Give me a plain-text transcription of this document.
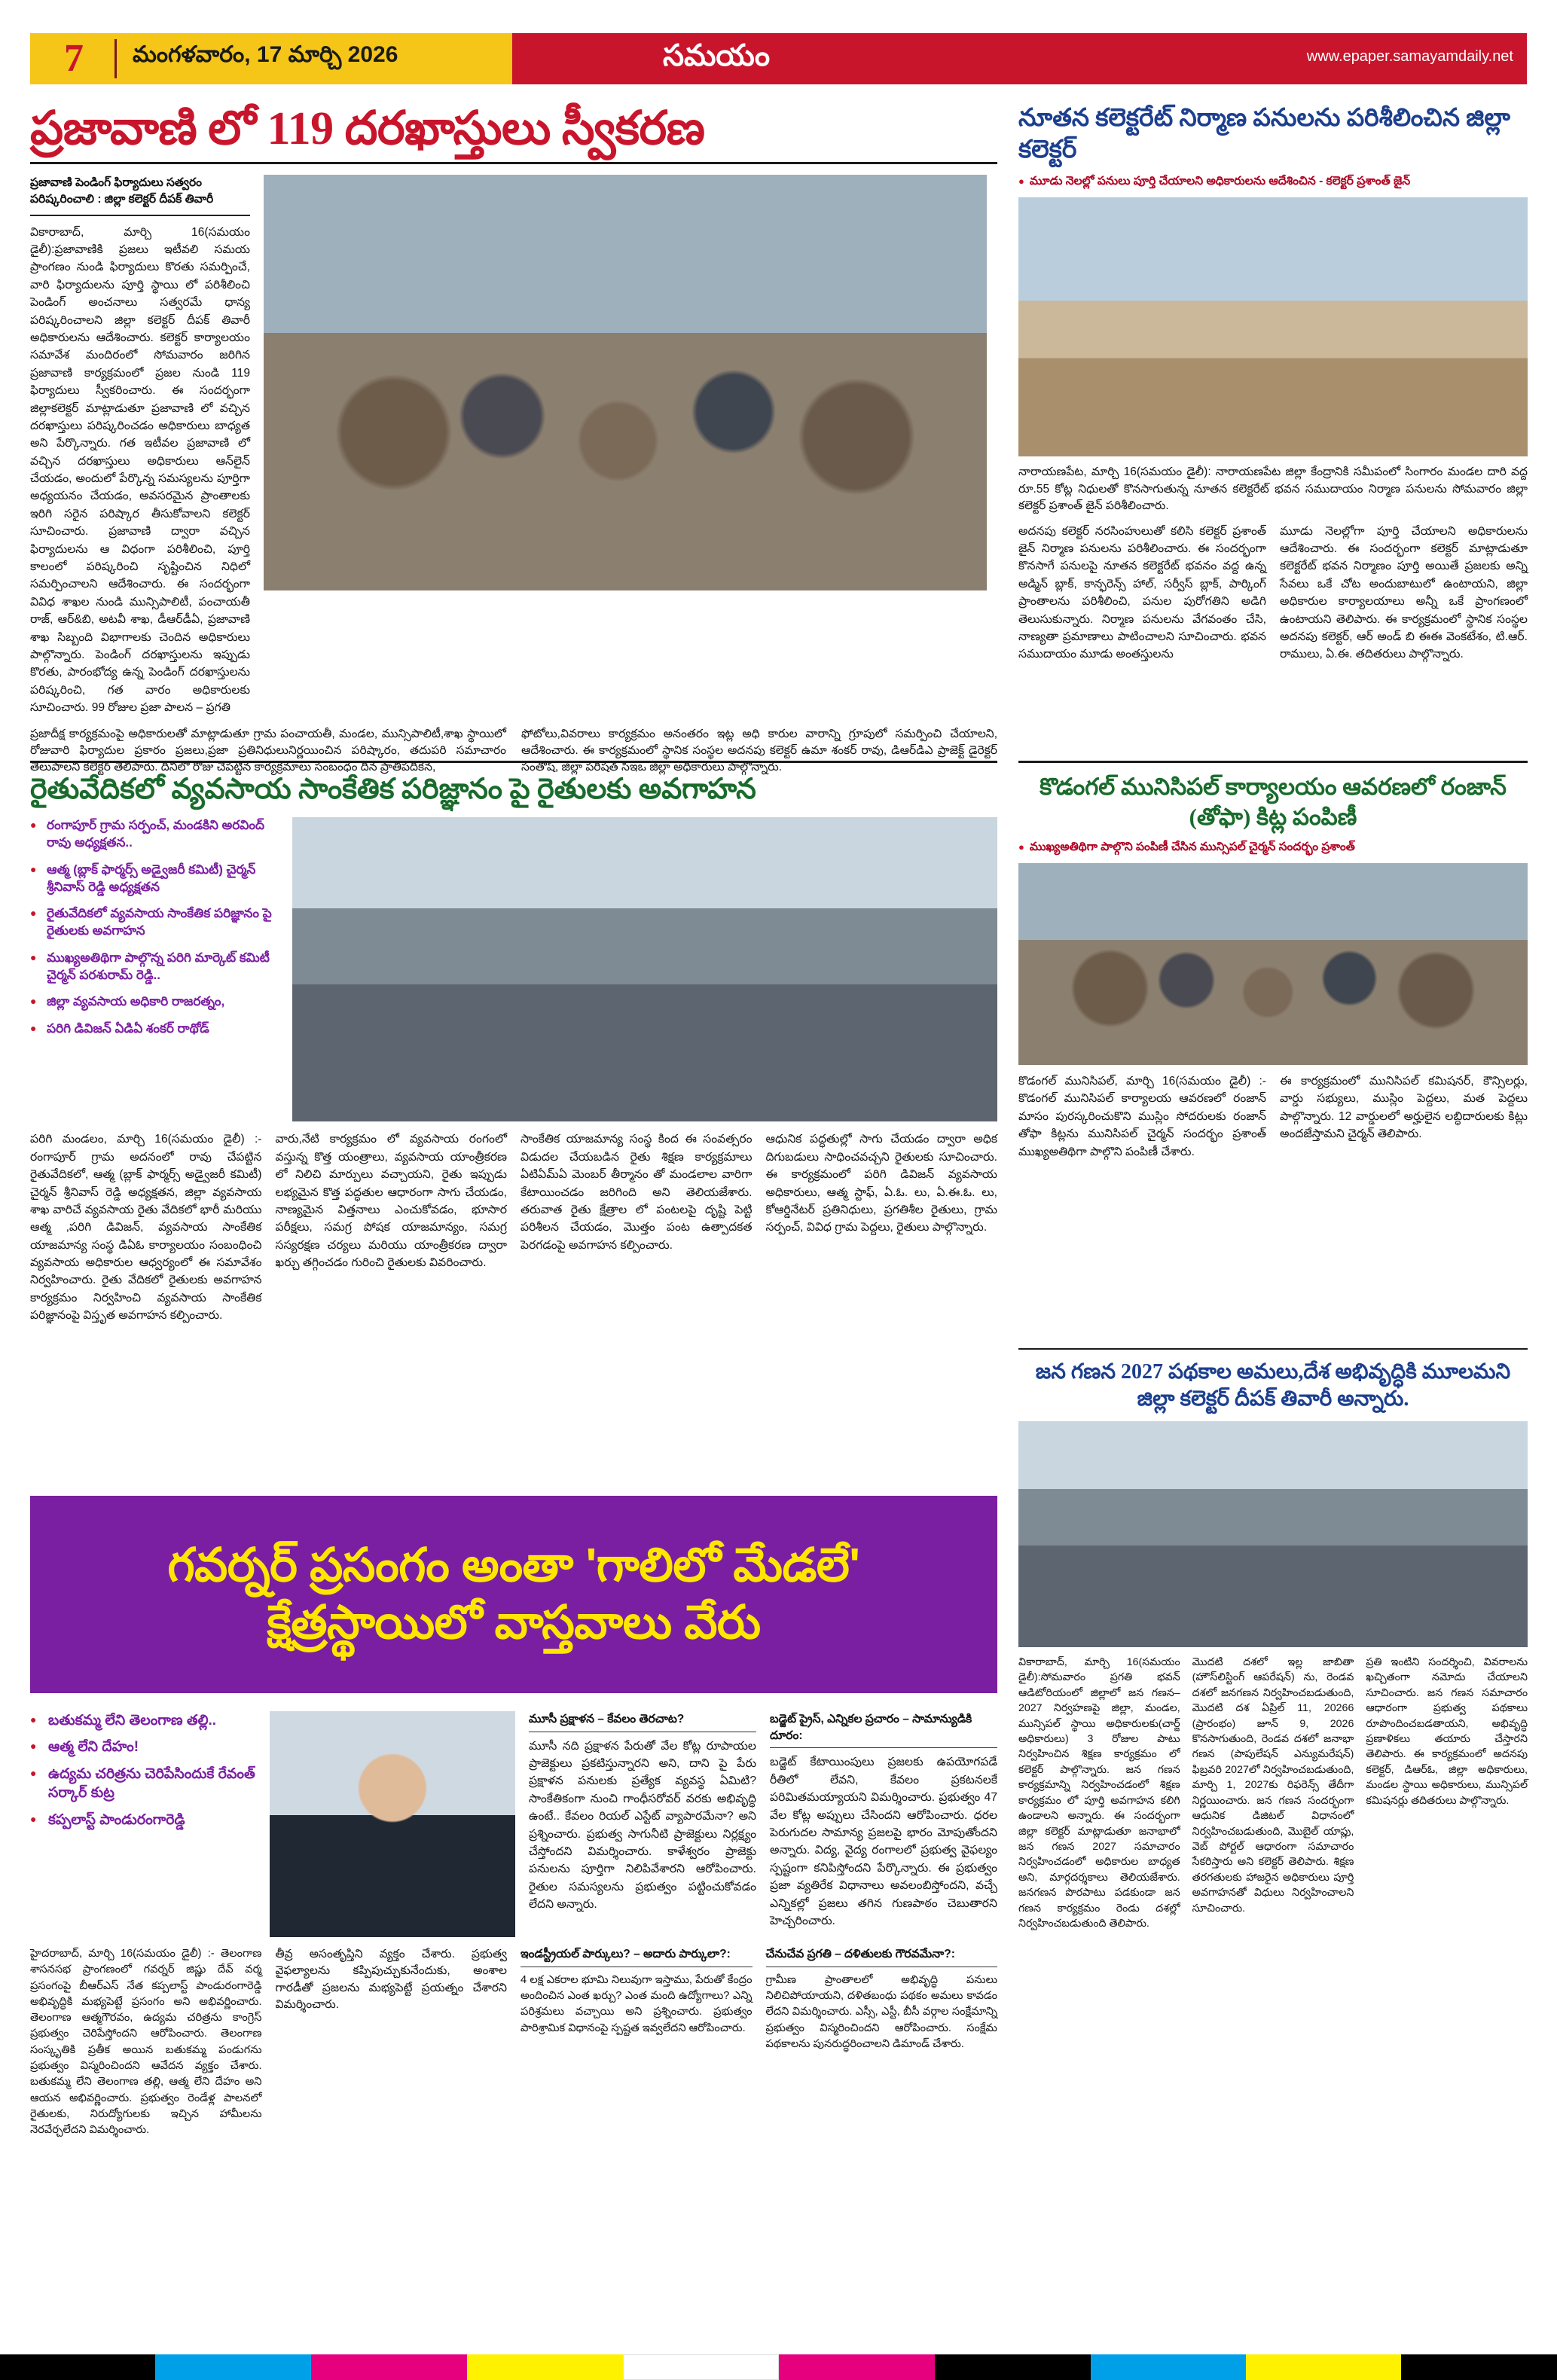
7	మంగళవారం, 17 మార్చి 2026	సమయం	www.epaper.samayamdaily.net
ప్రజావాణి లో 119 దరఖాస్తులు స్వీకరణ
ప్రజావాణి పెండింగ్ ఫిర్యాదులు సత్వరం పరిష్కరించాలి : జిల్లా కలెక్టర్ దీపక్ తివారీ
వికారాబాద్, మార్చి 16(సమయం డైలీ):ప్రజావాణికి ప్రజలు ఇటీవలి సమయ ప్రాంగణం నుండి ఫిర్యాదులు కొరతు సమర్పించే, వారి ఫిర్యాదులను పూర్తి స్థాయి లో పరిశీలించి పెండింగ్ అంచనాలు సత్వరమే ధాన్య పరిష్కరించాలని జిల్లా కలెక్టర్ దీపక్ తివారీ అధికారులను ఆదేశించారు. కలెక్టర్ కార్యాలయం సమావేశ మందిరంలో సోమవారం జరిగిన ప్రజావాణి కార్యక్రమంలో ప్రజల నుండి 119 ఫిర్యాదులు స్వీకరించారు. ఈ సందర్భంగా జిల్లాకలెక్టర్ మాట్లాడుతూ ప్రజావాణి లో వచ్చిన దరఖాస్తులు పరిష్కరించడం అధికారులు బాధ్యత అని పేర్కొన్నారు. గత ఇటీవల ప్రజావాణి లో వచ్చిన దరఖాస్తులు అధికారులు ఆన్‌లైన్ చేయడం, అందులో పేర్కొన్న సమస్యలను పూర్తిగా అధ్యయనం చేయడం, అవసరమైన ప్రాంతాలకు ఇరిగి సరైన పరిష్కార తీసుకోవాలని కలెక్టర్ సూచించారు. ప్రజావాణి ద్వారా వచ్చిన ఫిర్యాదులను ఆ విధంగా పరిశీలించి, పూర్తి కాలంలో పరిష్కరించి సృష్టించిన నిధిలో సమర్పించాలని ఆదేశించారు. ఈ సందర్భంగా వివిధ శాఖల నుండి మున్సిపాలిటీ, పంచాయతీ రాజ్, ఆర్&బి, అటవీ శాఖ, డీఆర్‌డీఏ, ప్రజావాణి శాఖ సిబ్బంది విభాగాలకు చెందిన అధికారులు పాల్గొన్నారు. పెండింగ్ దరఖాస్తులను ఇప్పుడు కొరతు, పారంభోద్య ఉన్న పెండింగ్ దరఖాస్తులను పరిష్కరించి, గత వారం అధికారులకు సూచించారు. 99 రోజుల ప్రజా పాలన – ప్రగతి
ప్రజాదీక్ష కార్యక్రమంపై అధికారులతో మాట్లాడుతూ గ్రామ పంచాయతీ, మండల, మున్సిపాలిటీ,శాఖ స్థాయిలో రోజువారి ఫిర్యాదుల ప్రకారం ప్రజలు,ప్రజా ప్రతినిధులునిర్ణయించిన పరిష్కారం, తదుపరి సమాచారం తెలుపాలని కలెక్టర్ తెలిపారు. దీనిలో రోజు చేపట్టిన కార్యక్రమాలు సంబంధం దిన ప్రాతిపదికన,
ఫోటోలు,వివరాలు కార్యక్రమం అనంతరం ఇట్ల అధి కారుల వారాన్ని గ్రూపులో సమర్పించి చేయాలని, ఆదేశించారు. ఈ కార్యక్రమంలో స్థానిక సంస్థల అదనపు కలెక్టర్ ఉమా శంకర్ రావు, డిఆర్‌డిఎ ప్రాజెక్ట్ డైరెక్టర్ సంతోష్, జిల్లా పరిషత్ సిఇఒ జిల్లా అధికారులు పాల్గొన్నారు.
నూతన కలెక్టరేట్ నిర్మాణ పనులను పరిశీలించిన జిల్లా కలెక్టర్
● మూడు నెలల్లో పనులు పూర్తి చేయాలని అధికారులను ఆదేశించిన - కలెక్టర్ ప్రశాంత్ జైన్
నారాయణపేట, మార్చి 16(సమయం డైలీ): నారాయణపేట జిల్లా కేంద్రానికి సమీపంలో సింగారం మండల దారి వద్ద రూ.55 కోట్ల నిధులతో కొనసాగుతున్న నూతన కలెక్టరేట్ భవన సముదాయం నిర్మాణ పనులను సోమవారం జిల్లా కలెక్టర్ ప్రశాంత్ జైన్ పరిశీలించారు.
అదనపు కలెక్టర్ నరసింహులుతో కలిసి కలెక్టర్ ప్రశాంత్ జైన్ నిర్మాణ పనులను పరిశీలించారు. ఈ సందర్భంగా కొనసాగే పనులపై నూతన కలెక్టరేట్ భవనం వద్ద ఉన్న అడ్మిన్ బ్లాక్, కాన్ఫరెన్స్ హాల్, సర్వీస్ బ్లాక్, పార్కింగ్ ప్రాంతాలను పరిశీలించి, పనుల పురోగతిని అడిగి తెలుసుకున్నారు. నిర్మాణ పనులను వేగవంతం చేసి, నాణ్యతా ప్రమాణాలు పాటించాలని సూచించారు. భవన సముదాయం మూడు అంతస్తులను
మూడు నెలల్లోగా పూర్తి చేయాలని అధికారులను ఆదేశించారు. ఈ సందర్భంగా కలెక్టర్ మాట్లాడుతూ కలెక్టరేట్ భవన నిర్మాణం పూర్తి అయితే ప్రజలకు అన్ని సేవలు ఒకే చోట అందుబాటులో ఉంటాయని, జిల్లా అధికారుల కార్యాలయాలు అన్నీ ఒకే ప్రాంగణంలో ఉంటాయని తెలిపారు. ఈ కార్యక్రమంలో స్థానిక సంస్థల అదనపు కలెక్టర్, ఆర్ అండ్ బి ఈఈ వెంకటేశం, టి.ఆర్. రాములు, ఏ.ఈ. తదితరులు పాల్గొన్నారు.
రైతువేదికలో వ్యవసాయ సాంకేతిక పరిజ్ఞానం పై రైతులకు అవగాహన
● రంగాపూర్ గ్రామ సర్పంచ్, మండకిని అరవింద్ రావు అధ్యక్షతన..
● ఆత్మ (బ్లాక్ ఫార్మర్స్ అడ్వైజరీ కమిటీ) చైర్మన్ శ్రీనివాస్ రెడ్డి అధ్యక్షతన
● రైతువేదికలో వ్యవసాయ సాంకేతిక పరిజ్ఞానం పై రైతులకు అవగాహన
● ముఖ్యఅతిథిగా పాల్గొన్న పరిగి మార్కెట్ కమిటీ చైర్మన్ పరశురామ్ రెడ్డి..
● జిల్లా వ్యవసాయ అధికారి రాజరత్నం,
● పరిగి డివిజన్ ఏడిఏ శంకర్ రాథోడ్
పరిగి మండలం, మార్చి 16(సమయం డైలీ) :- రంగాపూర్ గ్రామ అదనంలో రావు చేపట్టిన రైతువేదికలో, ఆత్మ (బ్లాక్ ఫార్మర్స్ అడ్వైజరీ కమిటీ) చైర్మన్ శ్రీనివాస్ రెడ్డి అధ్యక్షతన, జిల్లా వ్యవసాయ శాఖ వారిచే వ్యవసాయ రైతు వేదికలో భారీ మరియు ఆత్మ ,పరిగి డివిజన్, వ్యవసాయ సాంకేతిక యాజమాన్య సంస్థ డిఏఓ కార్యాలయం సంబంధించి వ్యవసాయ అధికారుల ఆధ్వర్యంలో ఈ సమావేశం నిర్వహించారు. రైతు వేదికలో రైతులకు అవగాహన కార్యక్రమం నిర్వహించి వ్యవసాయ సాంకేతిక పరిజ్ఞానంపై విస్తృత అవగాహన కల్పించారు.
వారు,నేటి కార్యక్రమం లో వ్యవసాయ రంగంలో వస్తున్న కొత్త యంత్రాలు, వ్యవసాయ యాంత్రీకరణ లో నిలిచి మార్పులు వచ్చాయని, రైతు ఇప్పుడు లభ్యమైన కొత్త పద్ధతుల ఆధారంగా సాగు చేయడం, నాణ్యమైన విత్తనాలు ఎంచుకోవడం, భూసార పరీక్షలు, సమగ్ర పోషక యాజమాన్యం, సమగ్ర సస్యరక్షణ చర్యలు మరియు యాంత్రీకరణ ద్వారా ఖర్చు తగ్గించడం గురించి రైతులకు వివరించారు.
సాంకేతిక యాజమాన్య సంస్థ కింద ఈ సంవత్సరం విడుదల చేయబడిన రైతు శిక్షణ కార్యక్రమాలు ఏటిఏమ్ఏ మెంబర్ తీర్మానం తో మండలాల వారిగా కేటాయించడం జరిగింది అని తెలియజేశారు. తరువాత రైతు క్షేత్రాల లో పంటలపై దృష్టి పెట్టి పరిశీలన చేయడం, మొత్తం పంట ఉత్పాదకత పెరగడంపై అవగాహన కల్పించారు.
ఆధునిక పద్ధతుల్లో సాగు చేయడం ద్వారా అధిక దిగుబడులు సాధించవచ్చని రైతులకు సూచించారు. ఈ కార్యక్రమంలో పరిగి డివిజన్ వ్యవసాయ అధికారులు, ఆత్మ స్టాఫ్, ఏ.ఓ. లు, ఏ.ఈ.ఓ. లు, కోఆర్డినేటర్ ప్రతినిధులు, ప్రగతిశీల రైతులు, గ్రామ సర్పంచ్, వివిధ గ్రామ పెద్దలు, రైతులు పాల్గొన్నారు.
కొడంగల్ మునిసిపల్ కార్యాలయం ఆవరణలో రంజాన్ (తోఫా) కిట్ల పంపిణీ
● ముఖ్యఅతిథిగా పాల్గొని పంపిణీ చేసిన మున్సిపల్ చైర్మన్ సందర్భం ప్రశాంత్
కొడంగల్ మునిసిపల్, మార్చి 16(సమయం డైలీ) :- కొడంగల్ మునిసిపల్ కార్యాలయ ఆవరణలో రంజాన్ మాసం పురస్కరించుకొని ముస్లిం సోదరులకు రంజాన్ తోఫా కిట్లను మునిసిపల్ చైర్మన్ సందర్భం ప్రశాంత్ ముఖ్యఅతిథిగా పాల్గొని పంపిణీ చేశారు.
ఈ కార్యక్రమంలో మునిసిపల్ కమిషనర్, కౌన్సిలర్లు, వార్డు సభ్యులు, ముస్లిం పెద్దలు, మత పెద్దలు పాల్గొన్నారు. 12 వార్డులలో అర్హులైన లబ్ధిదారులకు కిట్లు అందజేస్తామని చైర్మన్ తెలిపారు.
జన గణన 2027 పథకాల అమలు,దేశ అభివృద్ధికి మూలమని జిల్లా కలెక్టర్ దీపక్ తివారీ అన్నారు.
వికారాబాద్, మార్చి 16(సమయం డైలీ):సోమవారం ప్రగతి భవన్ ఆడిటోరియంలో జిల్లాలో జన గణన–2027 నిర్వహణపై జిల్లా, మండల, మున్సిపల్ స్థాయి అధికారులకు(చార్జ్ అధికారులు) 3 రోజుల పాటు నిర్వహించిన శిక్షణ కార్యక్రమం లో కలెక్టర్ పాల్గొన్నారు. జన గణన కార్యక్రమాన్ని నిర్వహించడంలో శిక్షణ కార్యక్రమం లో పూర్తి అవగాహన కలిగి ఉండాలని అన్నారు. ఈ సందర్భంగా జిల్లా కలెక్టర్ మాట్లాడుతూ జనాభాలో జన గణన 2027 సమాచారం నిర్వహించడంలో అధికారుల బాధ్యత అని, మార్గదర్శకాలు తెలియజేశారు. జనగణన పొరపాటు పడకుండా జన గణన కార్యక్రమం రెండు దశల్లో నిర్వహించబడుతుంది తెలిపారు.
మొదటి దశలో ఇల్ల జాబితా (హౌస్‌లిస్టింగ్ ఆపరేషన్) ను, రెండవ దశలో జనగణన నిర్వహించబడుతుంది, మొదటి దశ ఏప్రిల్ 11, 20266 (ప్రారంభం) జూన్ 9, 2026 కొనసాగుతుంది, రెండవ దశలో జనాభా గణన (పాపులేషన్ ఎన్యుమరేషన్) ఫిబ్రవరి 2027లో నిర్వహించబడుతుంది, మార్చి 1, 2027కు రిఫరెన్స్ తేదీగా నిర్ణయించారు. జన గణన సందర్భంగా ఆధునిక డిజిటల్ విధానంలో నిర్వహించబడుతుంది, మొబైల్ యాప్లు, వెబ్ పోర్టల్ ఆధారంగా సమాచారం సేకరిస్తారు అని కలెక్టర్ తెలిపారు. శిక్షణ తరగతులకు హాజరైన అధికారులు పూర్తి అవగాహనతో విధులు నిర్వహించాలని సూచించారు.
ప్రతి ఇంటిని సందర్శించి, వివరాలను ఖచ్చితంగా నమోదు చేయాలని సూచించారు. జన గణన సమాచారం ఆధారంగా ప్రభుత్వ పథకాలు రూపొందించబడతాయని, అభివృద్ధి ప్రణాళికలు తయారు చేస్తారని తెలిపారు. ఈ కార్యక్రమంలో అదనపు కలెక్టర్, డిఆర్‌ఓ, జిల్లా అధికారులు, మండల స్థాయి అధికారులు, మున్సిపల్ కమిషనర్లు తదితరులు పాల్గొన్నారు.
గవర్నర్ ప్రసంగం అంతా 'గాలిలో మేడలే'
క్షేత్రస్థాయిలో వాస్తవాలు వేరు
● బతుకమ్మ లేని తెలంగాణ తల్లి..
● ఆత్మ లేని దేహం!
● ఉద్యమ చరిత్రను చెరిపేసిందుకే రేవంత్ సర్కార్ కుట్ర
● కప్పలాస్ట్ పాండురంగారెడ్డి
మూసీ ప్రక్షాళన – కేవలం తెరచాట?
మూసీ నది ప్రక్షాళన పేరుతో వేల కోట్ల రూపాయల ప్రాజెక్టులు ప్రకటిస్తున్నారని అని, దాని పై పేరు ప్రక్షాళన పనులకు ప్రత్యేక వ్యవస్థ ఏమిటి? సాంకేతికంగా నుంచి గాంధీసరోవర్ వరకు అభివృద్ధి ఉంటే.. కేవలం రియల్ ఎస్టేట్ వ్యాపారమేనా? అని ప్రశ్నించారు. ప్రభుత్వ సాగునీటి ప్రాజెక్టులు నిర్లక్ష్యం చేస్తోందని విమర్శించారు. కాళేశ్వరం ప్రాజెక్టు పనులను పూర్తిగా నిలిపివేశారని ఆరోపించారు. రైతుల సమస్యలను ప్రభుత్వం పట్టించుకోవడం లేదని అన్నారు.
బడ్జెట్ ప్రైస్, ఎన్నికల ప్రచారం – సామాన్యుడికి దూరం:
బడ్జెట్ కేటాయింపులు ప్రజలకు ఉపయోగపడే రీతిలో లేవని, కేవలం ప్రకటనలకే పరిమితమయ్యాయని విమర్శించారు. ప్రభుత్వం 47 వేల కోట్ల అప్పులు చేసిందని ఆరోపించారు. ధరల పెరుగుదల సామాన్య ప్రజలపై భారం మోపుతోందని అన్నారు. విద్య, వైద్య రంగాలలో ప్రభుత్వ వైఫల్యం స్పష్టంగా కనిపిస్తోందని పేర్కొన్నారు. ఈ ప్రభుత్వం ప్రజా వ్యతిరేక విధానాలు అవలంబిస్తోందని, వచ్చే ఎన్నికల్లో ప్రజలు తగిన గుణపాఠం చెబుతారని హెచ్చరించారు.
హైదరాబాద్, మార్చి 16(సమయం డైలీ) :- తెలంగాణ శాసనసభ ప్రాంగణంలో గవర్నర్ జిష్ణు దేవ్ వర్మ ప్రసంగంపై బీఆర్‌ఎస్ నేత కప్పలాస్ట్ పాండురంగారెడ్డి అభివృద్ధికి మభ్యపెట్టే ప్రసంగం అని అభివర్ణించారు. తెలంగాణ ఆత్మగౌరవం, ఉద్యమ చరిత్రను కాంగ్రెస్ ప్రభుత్వం చెరిపేస్తోందని ఆరోపించారు. తెలంగాణ సంస్కృతికి ప్రతీక అయిన బతుకమ్మ పండుగను ప్రభుత్వం విస్మరించిందని ఆవేదన వ్యక్తం చేశారు. బతుకమ్మ లేని తెలంగాణ తల్లి, ఆత్మ లేని దేహం అని ఆయన అభివర్ణించారు. ప్రభుత్వం రెండేళ్ల పాలనలో రైతులకు, నిరుద్యోగులకు ఇచ్చిన హామీలను నెరవేర్చలేదని విమర్శించారు.
తీవ్ర అసంతృప్తిని వ్యక్తం చేశారు. ప్రభుత్వ వైఫల్యాలను కప్పిపుచ్చుకునేందుకు, అంశాల గారడీతో ప్రజలను మభ్యపెట్టే ప్రయత్నం చేశారని విమర్శించారు.
ఇండస్ట్రీయల్ పార్కులు? – అదారు పార్కులా?:
4 లక్ష ఎకరాల భూమి నిలువుగా ఇస్తాము, పేరుతో కేంద్రం అందించిన ఎంత ఖర్చు? ఎంత మంది ఉద్యోగాలు? ఎన్ని పరిశ్రమలు వచ్చాయి అని ప్రశ్నించారు. ప్రభుత్వం పారిశ్రామిక విధానంపై స్పష్టత ఇవ్వలేదని ఆరోపించారు.
చేనుచేవ ప్రగతి – దళితులకు గౌరవమేనా?:
గ్రామీణ ప్రాంతాలలో అభివృద్ధి పనులు నిలిచిపోయాయని, దళితబంధు పథకం అమలు కావడం లేదని విమర్శించారు. ఎస్సీ, ఎస్టీ, బీసీ వర్గాల సంక్షేమాన్ని ప్రభుత్వం విస్మరించిందని ఆరోపించారు. సంక్షేమ పథకాలను పునరుద్ధరించాలని డిమాండ్ చేశారు.
